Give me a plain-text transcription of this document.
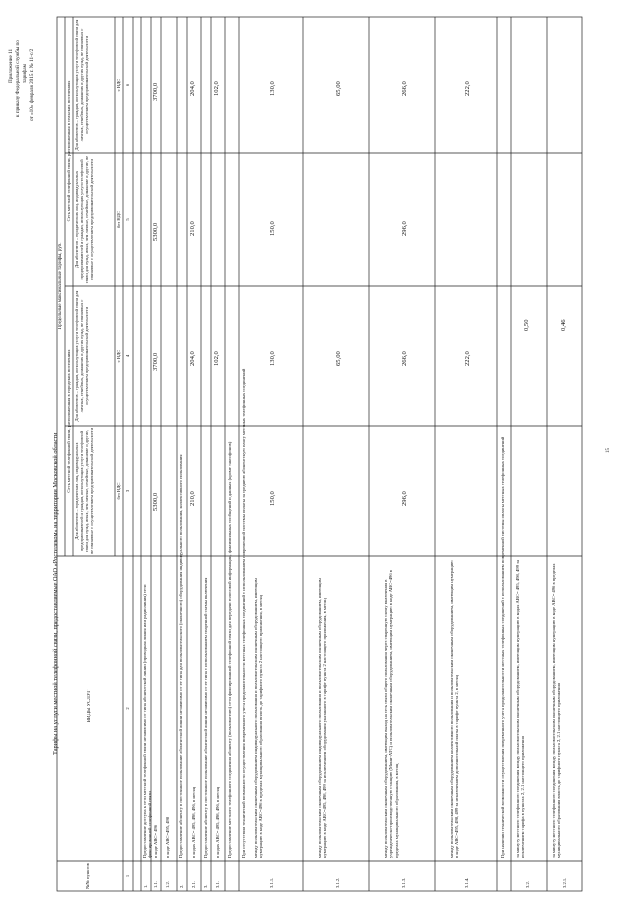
Приложение 11 к приказу Федеральной службы по тарифам от «10» февраля 2015 г. № 11-с/2
Тарифы на услуги местной телефонной связи, предоставляемые ОАО «Ростелеком» на территории Московской области
№№ пунктов
ВИДЫ УСЛУГ
Предельные максимальные тарифы, руб.
Сеть местной телефонной связи, расположенная в городских поселениях
Сеть местной телефонной связи, расположенная в сельских поселениях
Для абонентов – юридических лиц, индивидуальных предпринимателей и граждан, использующих услуги телефонной связи для нужд, иных, чем личные, семейные, домашние и другие, не связанные с осуществлением предпринимательской деятельности
Для абонентов – граждан, использующих услуги телефонной связи для личных, семейных, домашних и других нужд, не связанных с осуществлением предпринимательской деятельности
Для абонентов – юридических лиц, индивидуальных предпринимателей и граждан, использующих услуги телефонной связи для нужд, иных, чем личные, семейные, домашние и другие, не связанные с осуществлением предпринимательской деятельности
Для абонентов – граждан, использующих услуги телефонной связи для личных, семейных, домашних и других нужд, не связанных с осуществлением предпринимательской деятельности
без НДС
с НДС
без НДС
с НДС
1
2
3
4
5
6
1.
Предоставление доступа к сети местной телефонной связи независимо от типа абонентской линии (проводная линия или радиолиния) сети фиксированной телефонной связи
1.1.
в коде АВС= 496
5300,0
3700,0
5300,0
3700,0
1.2.
в коде АВС=495, 498
2.
Предоставление абоненту в постоянное пользование абонентской линии независимо от ее типа для пользовательского (оконечного) оборудования индивидуального пользования, коллективного пользования
2.1.
в кодах АВС= 495, 498, 496, в месяц
210,0
204,0
210,0
204,0
3.
Предоставление абоненту в постоянное пользование абонентской линии независимо от ее типа с использованием спаренной схемы включения
3.1.
в кодах АВС= 495, 498, 496, в месяц
102,0
102,0
Предоставление местного телефонного соединения абоненту (пользователю) сети фиксированной телефонной связи для передачи голосовой информации, факсимильных сообщений и данных (кроме таксофонов) При отсутствии технической возможности осуществления повременного учета продолжительности местных телефонных соединений с использованием повременной системы оплаты за среднюю абонентскую плату местных телефонных соединений
3.1.1.
между пользовательским оконечным оборудованием индивидуального пользования и пользовательским оконечным оборудованием, имеющим нумерацию в коде АВС=496 в пределах муниципального образования вплоть до тарифного пункта 2 настоящего приложения, в месяц
150,0
130,0
150,0
130,0
3.1.2.
между пользовательским оконечным оборудованием индивидуального пользования и пользовательским оконечным оборудованием, имеющим нумерацию в коде АВС=495, 498, 499 за исключением оборудования указанного в тарифе пункта 2 настоящего приложения, в месяц
65,00
65,00
3.1.3.
между пользовательским оконечным оборудованием, имеющим выход на сеть связи общего пользования через спаренную схему включения в учрежденческо-производственную станцию (Мини-АТС) и пользовательским оконечным оборудованием, имеющим нумерацию в коде АВС=496 в пределах муниципального образования, в месяц
296,0
266,0
296,0
266,0
3.1.4.
между пользовательским оконечным оборудованием коллективного пользования и пользовательским оконечным оборудованием, имеющим нумерацию в коде АВС=495, 498, 499 за исключением дополнительной платы в тарифе пункта 2, в месяц
222,0
222,0
При наличии технической возможности осуществления повременного учета продолжительности местных телефонных соединений с использованием повременной системы оплаты местных телефонных соединений
3.2.
за минуту местного телефонного соединения между пользовательским оконечным оборудованием, имеющим нумерацию в кодах АВС= 495, 498, 499 за исключением тарифа в пунктах 2, 2.1 настоящего приложения
0,50
3.2.1.
за минуту местного телефонного соединения между пользовательским оконечным оборудованием, имеющим нумерацию в коде АВС= 496 в пределах муниципального образования вплоть до тарифного пункта 2, 2.1 настоящего приложения
0,46
15
